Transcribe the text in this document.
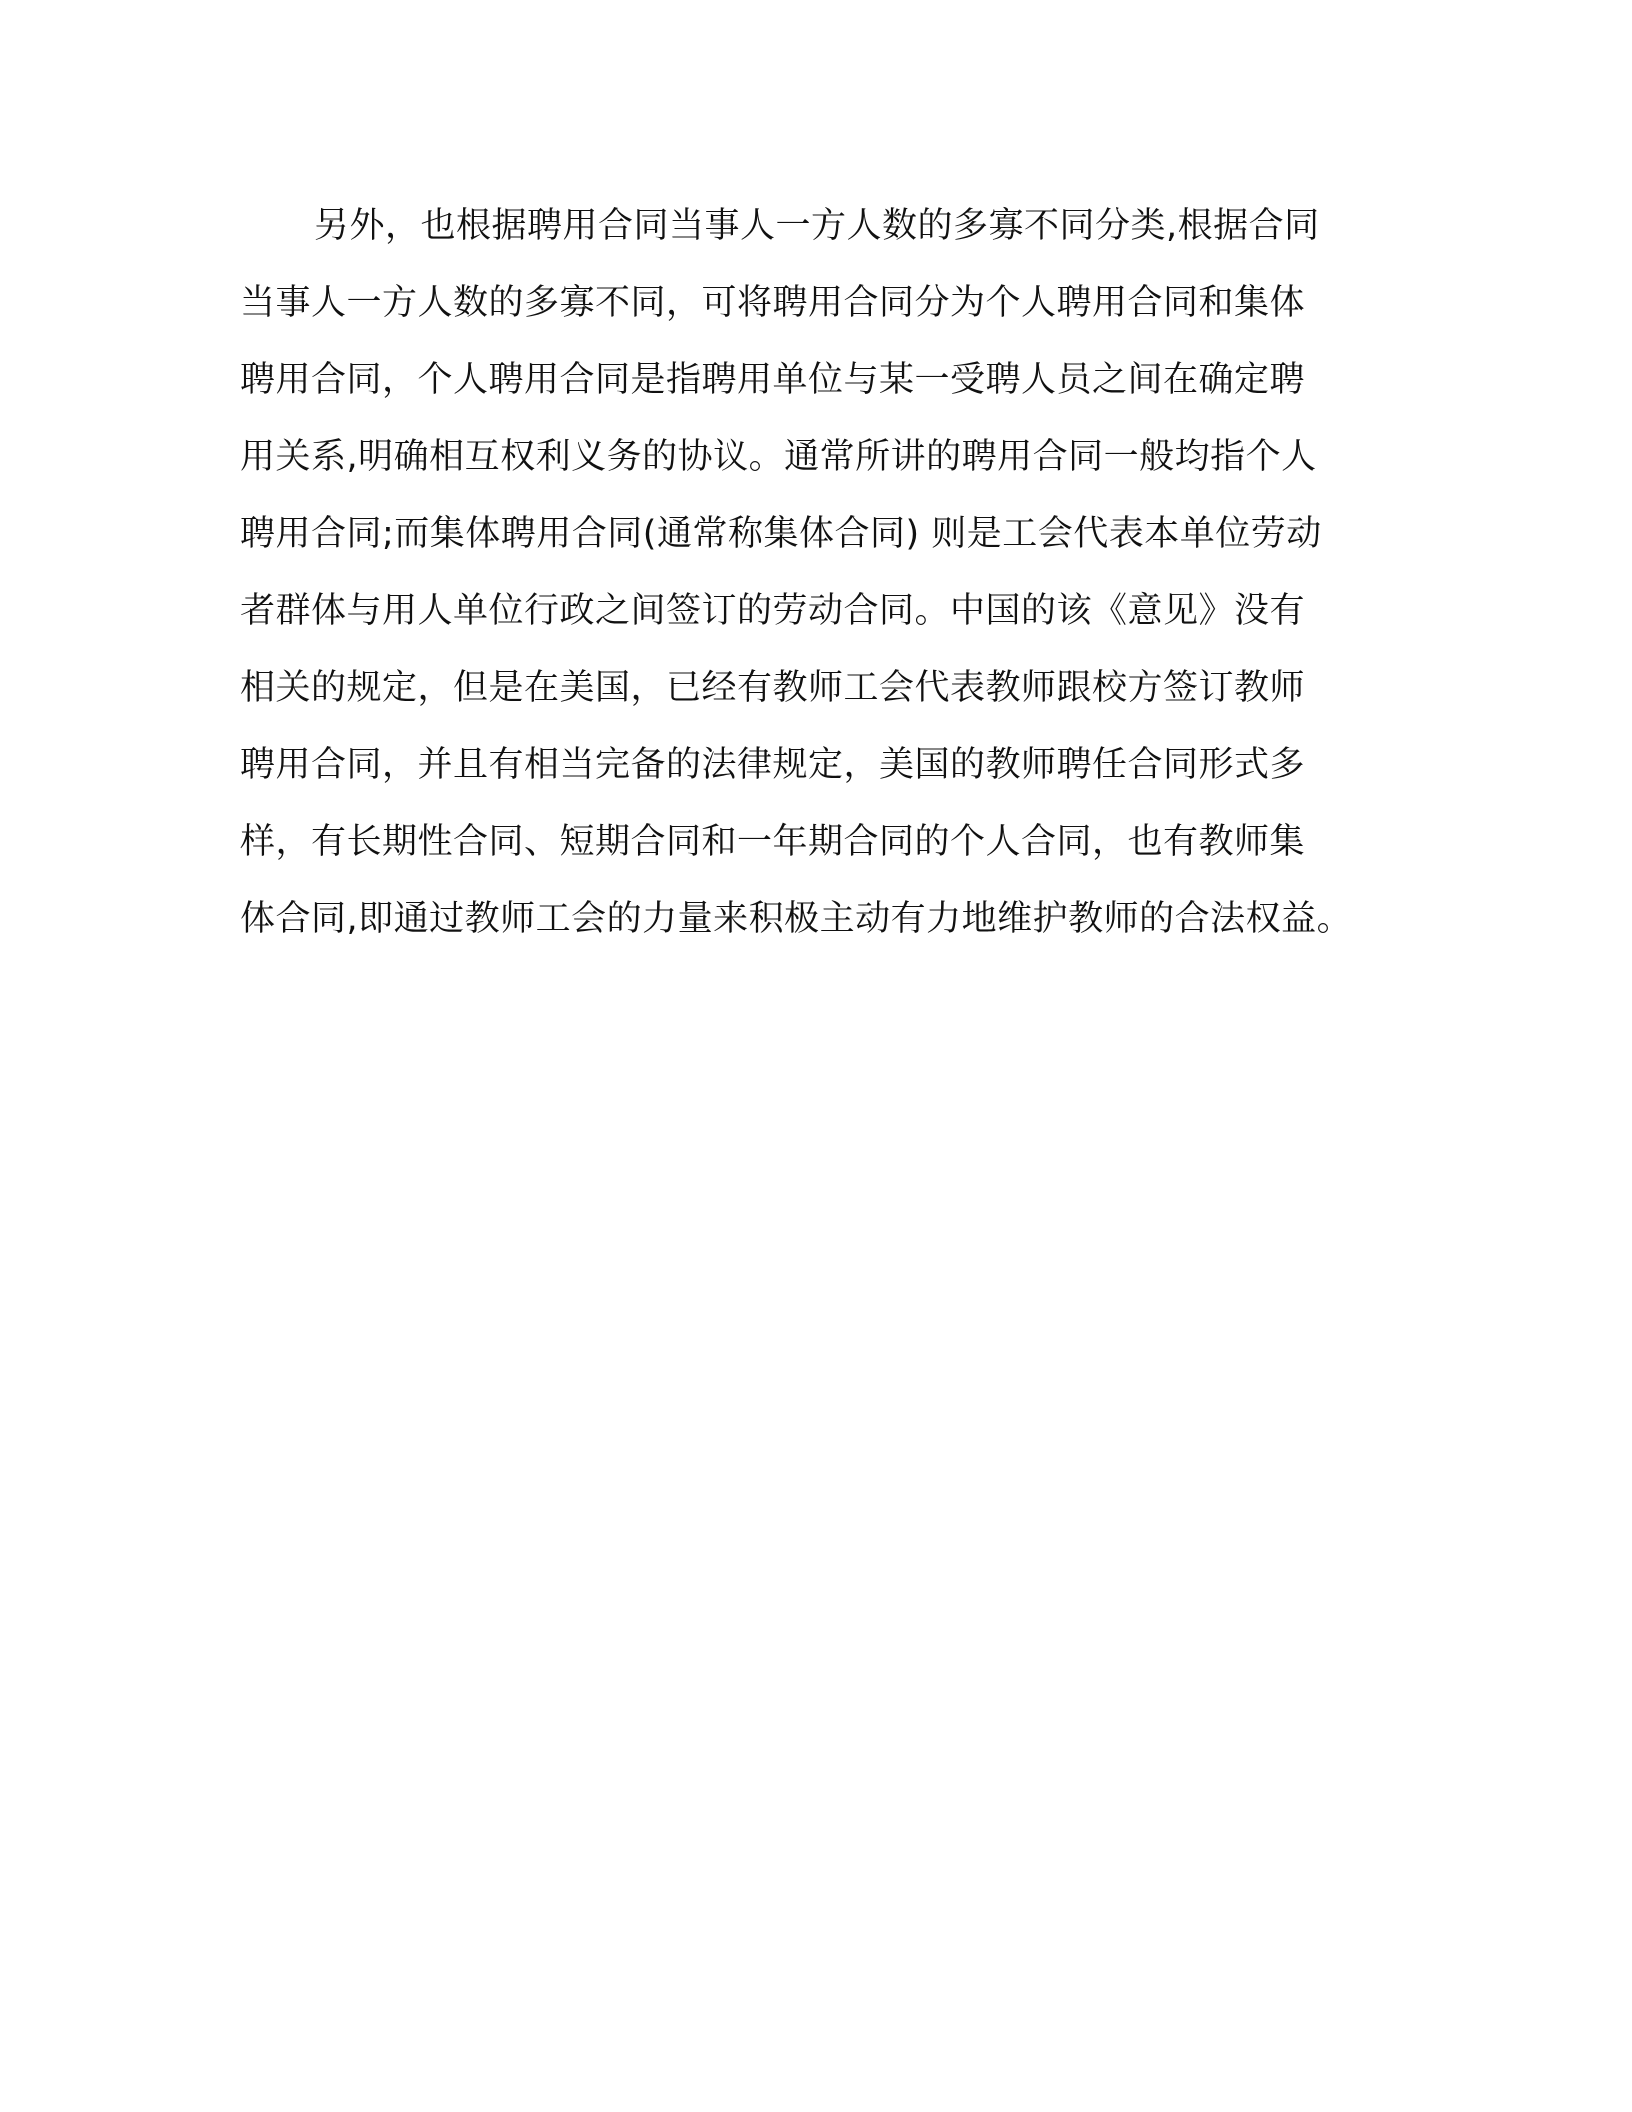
另外，也根据聘用合同当事人一方人数的多寡不同分类,根据合同
当事人一方人数的多寡不同，可将聘用合同分为个人聘用合同和集体
聘用合同，个人聘用合同是指聘用单位与某一受聘人员之间在确定聘
用关系,明确相互权利义务的协议。通常所讲的聘用合同一般均指个人
聘用合同;而集体聘用合同(通常称集体合同) 则是工会代表本单位劳动
者群体与用人单位行政之间签订的劳动合同。中国的该《意见》没有
相关的规定，但是在美国，已经有教师工会代表教师跟校方签订教师
聘用合同，并且有相当完备的法律规定，美国的教师聘任合同形式多
样，有长期性合同、短期合同和一年期合同的个人合同，也有教师集
体合同,即通过教师工会的力量来积极主动有力地维护教师的合法权益。
